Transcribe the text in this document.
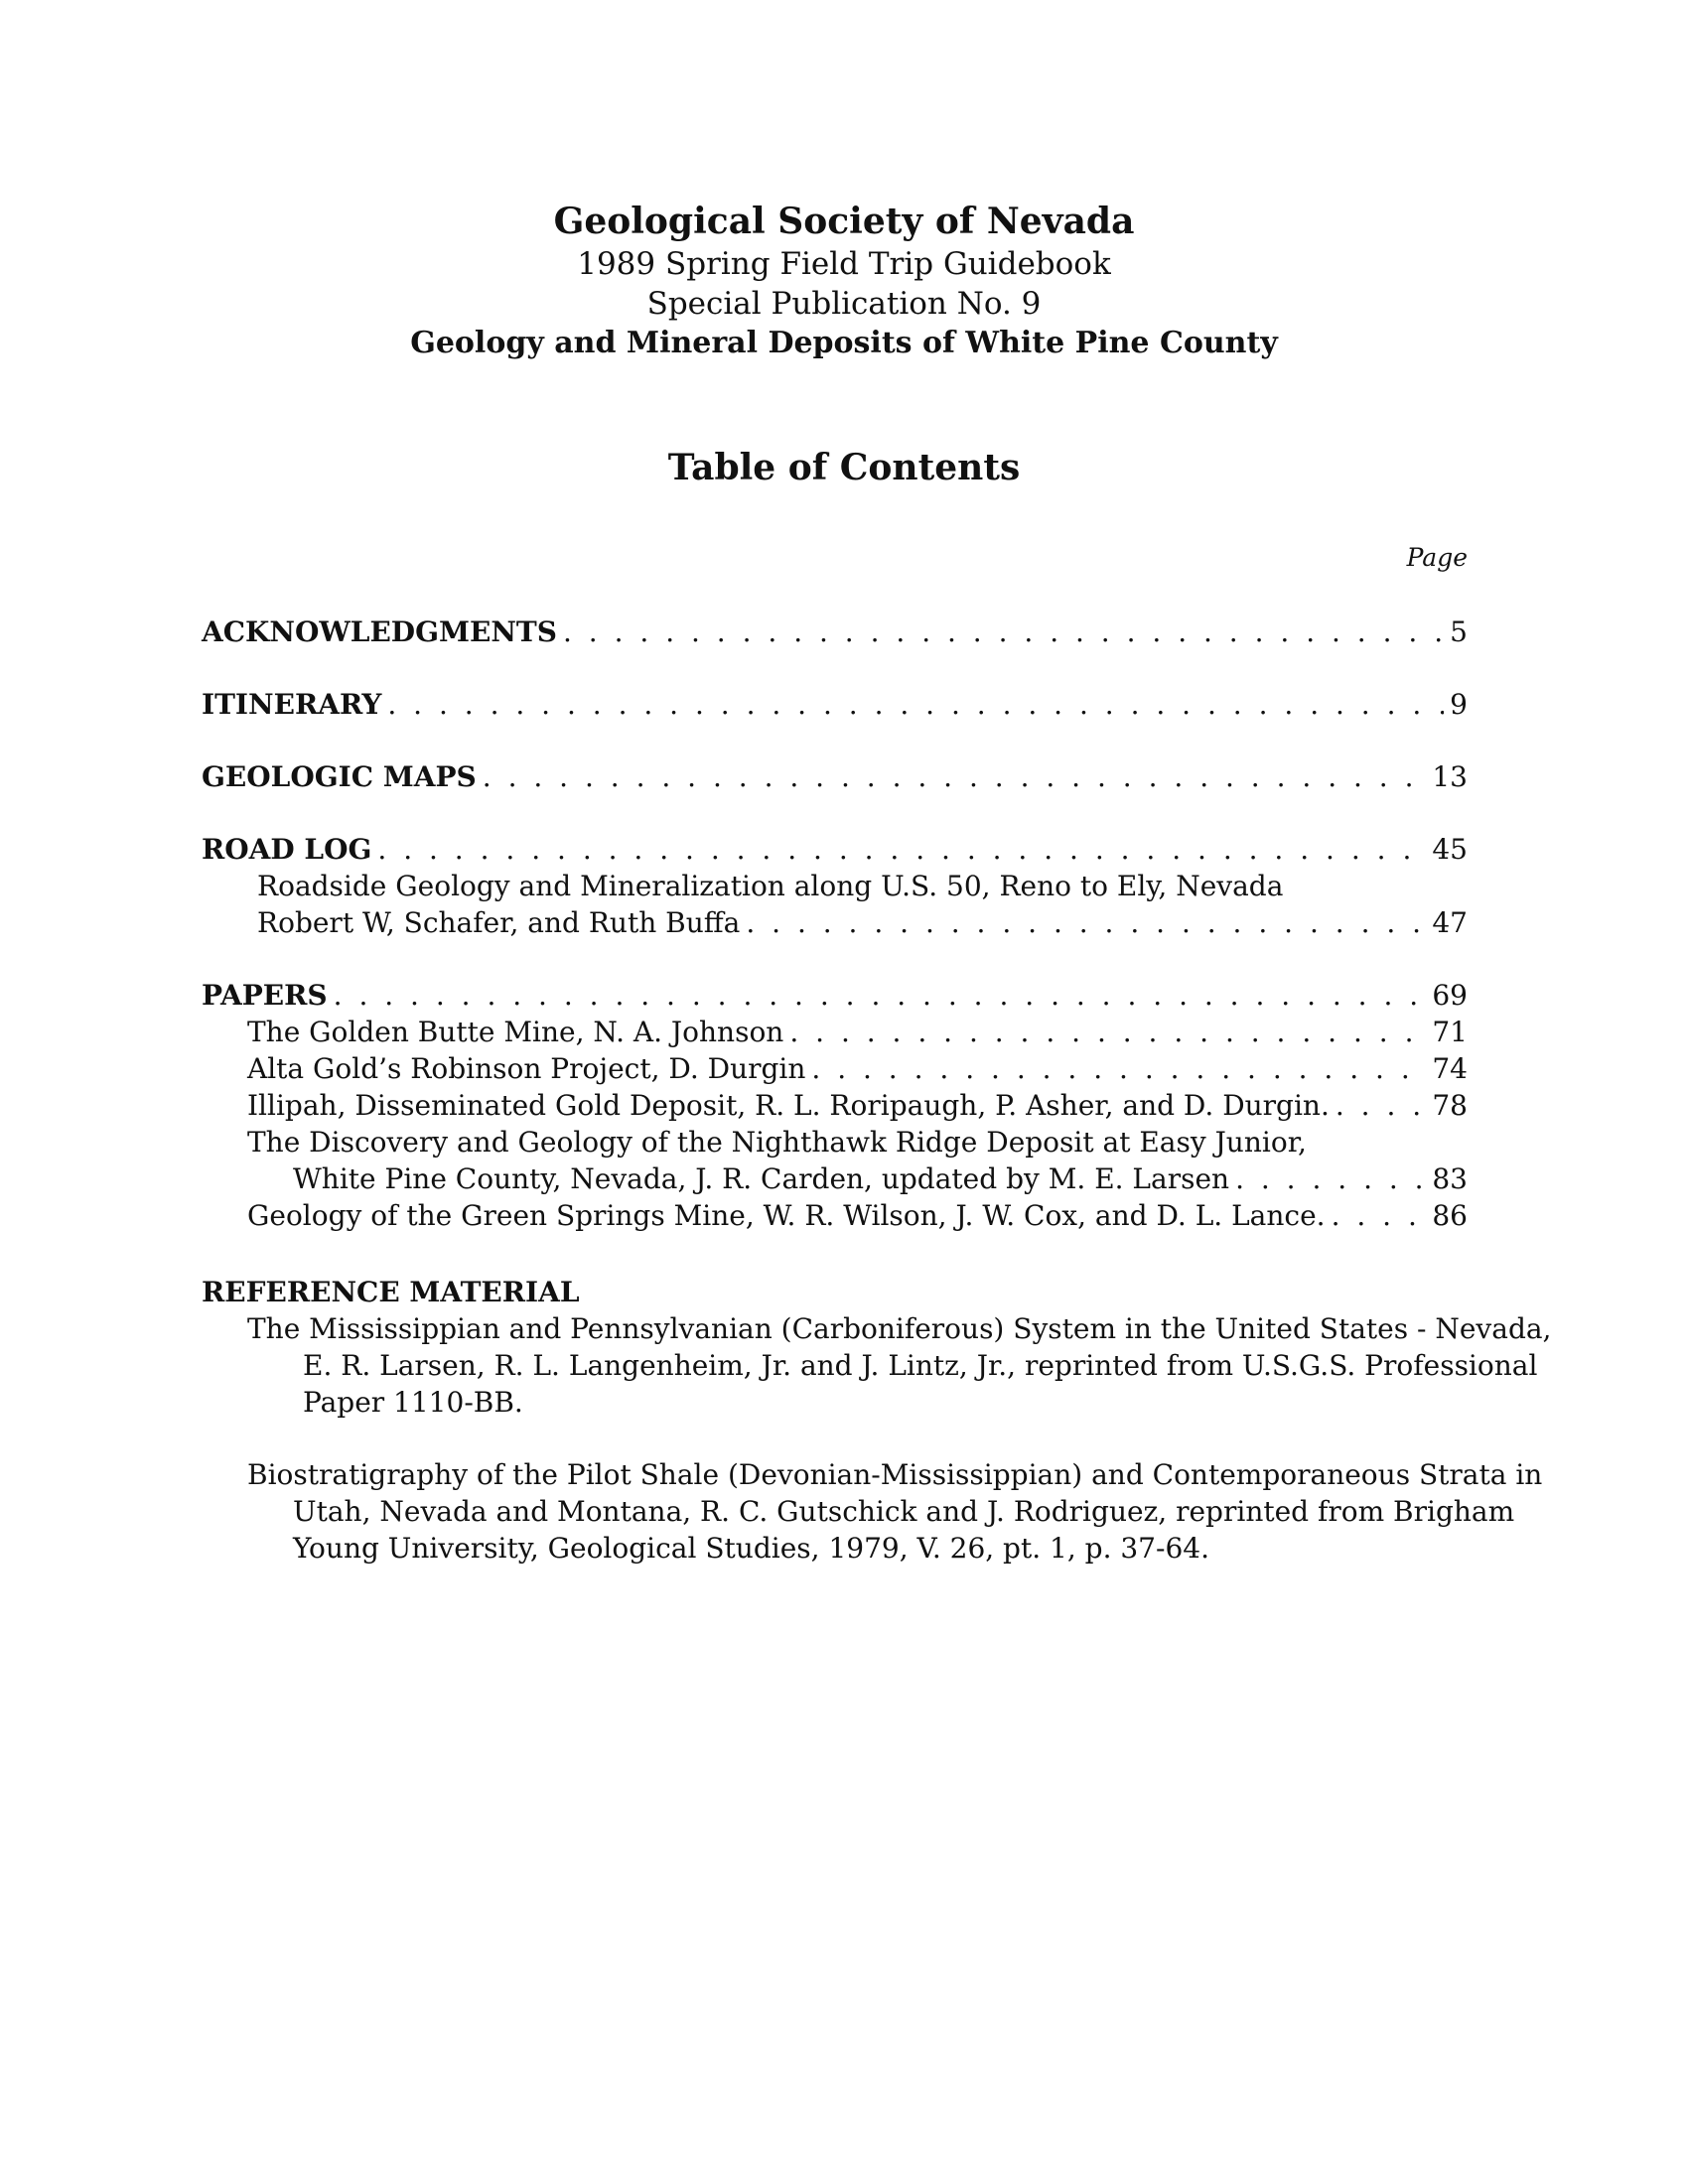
Geological Society of Nevada
1989 Spring Field Trip Guidebook
Special Publication No. 9
Geology and Mineral Deposits of White Pine County
Table of Contents
Page
ACKNOWLEDGMENTS . . .	5
ITINERARY . . .	9
GEOLOGIC MAPS . . .	13
ROAD LOG . . .	45
Roadside Geology and Mineralization along U.S. 50, Reno to Ely, Nevada
Robert W, Schafer, and Ruth Buffa . . .	47
PAPERS . . .	69
The Golden Butte Mine, N. A. Johnson . . .	71
Alta Gold’s Robinson Project, D. Durgin . . .	74
Illipah, Disseminated Gold Deposit, R. L. Roripaugh, P. Asher, and D. Durgin. . . .	78
The Discovery and Geology of the Nighthawk Ridge Deposit at Easy Junior,
White Pine County, Nevada, J. R. Carden, updated by M. E. Larsen . . .	83
Geology of the Green Springs Mine, W. R. Wilson, J. W. Cox, and D. L. Lance. . . .	86
REFERENCE MATERIAL
The Mississippian and Pennsylvanian (Carboniferous) System in the United States - Nevada,
E. R. Larsen, R. L. Langenheim, Jr. and J. Lintz, Jr., reprinted from U.S.G.S. Professional
Paper 1110-BB.
Biostratigraphy of the Pilot Shale (Devonian-Mississippian) and Contemporaneous Strata in
Utah, Nevada and Montana, R. C. Gutschick and J. Rodriguez, reprinted from Brigham
Young University, Geological Studies, 1979, V. 26, pt. 1, p. 37-64.
